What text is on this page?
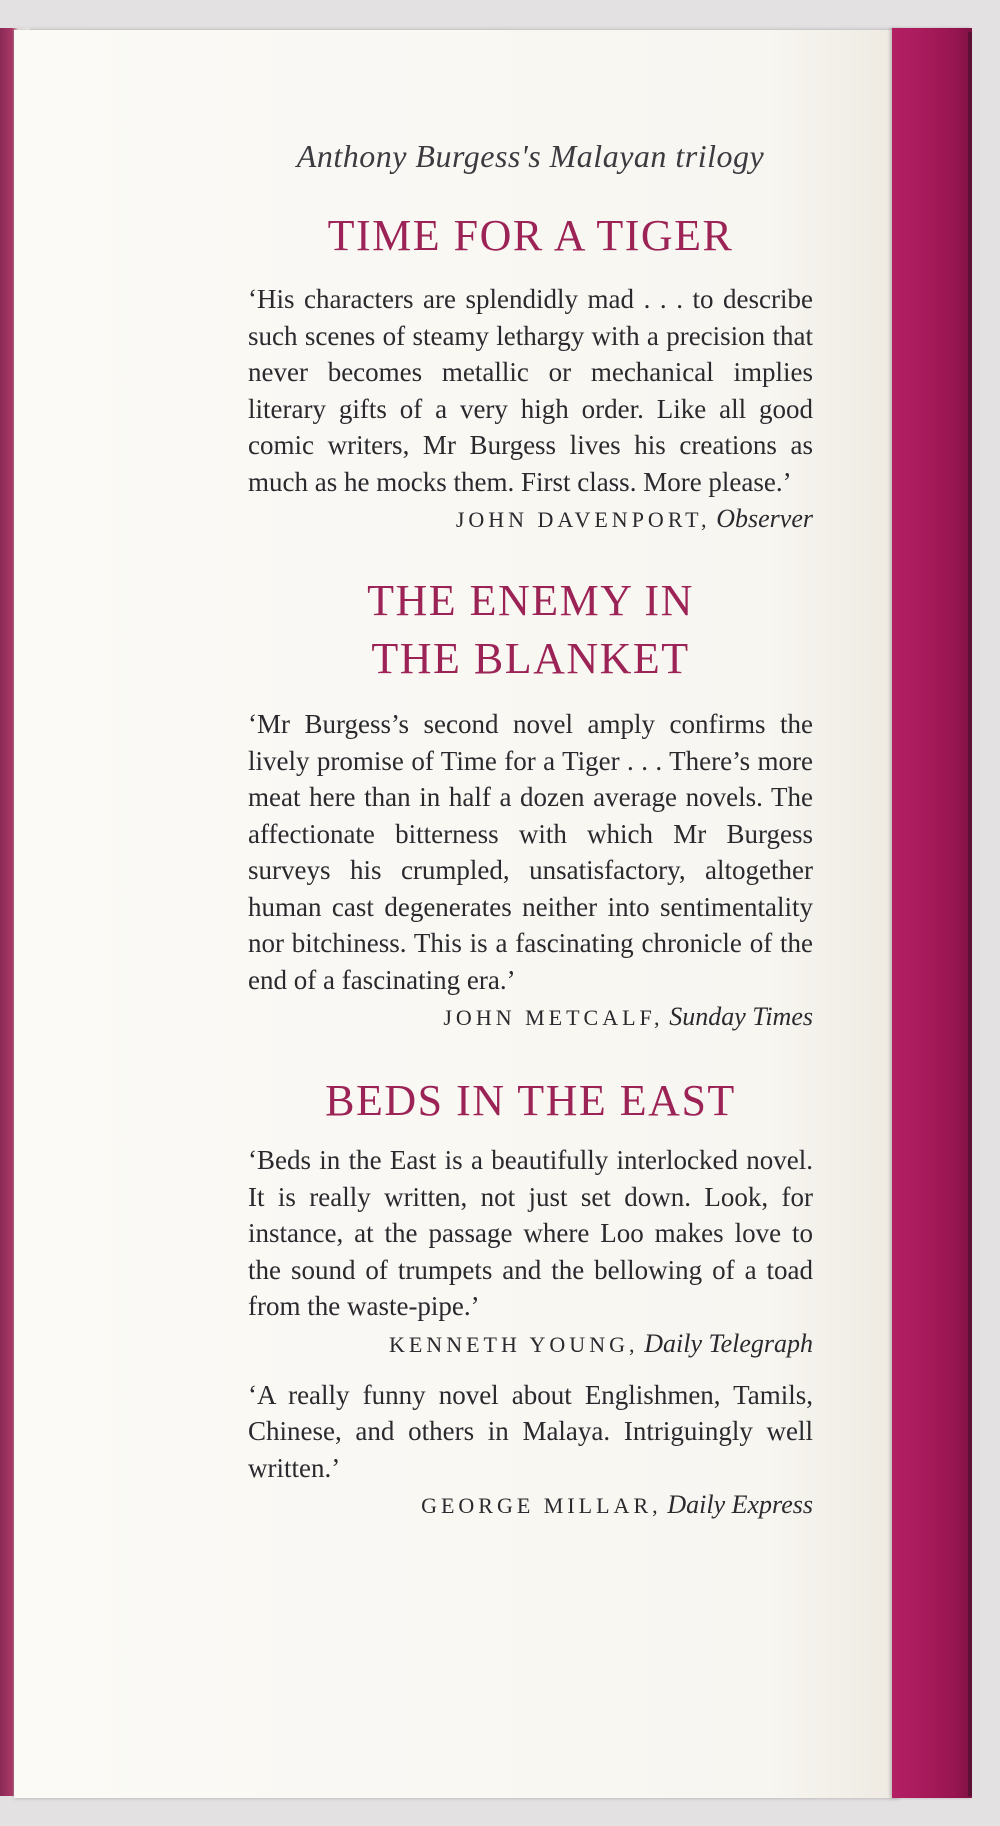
Anthony Burgess's Malayan trilogy
TIME FOR A TIGER

‘His characters are splendidly mad . . . to describe such scenes of steamy lethargy with a precision that never becomes metallic or mechanical implies literary gifts of a very high order. Like all good comic writers, Mr Burgess lives his creations as much as he mocks them. First class. More please.’

JOHN DAVENPORT, Observer
THE ENEMY IN THE BLANKET

‘Mr Burgess’s second novel amply confirms the lively promise of Time for a Tiger . . . There’s more meat here than in half a dozen average novels. The affectionate bitterness with which Mr Burgess surveys his crumpled, unsatisfactory, altogether human cast degenerates neither into sentimentality nor bitchiness. This is a fascinating chronicle of the end of a fascinating era.’

JOHN METCALF, Sunday Times
BEDS IN THE EAST

‘Beds in the East is a beautifully interlocked novel. It is really written, not just set down. Look, for instance, at the passage where Loo makes love to the sound of trumpets and the bellowing of a toad from the waste-pipe.’

KENNETH YOUNG, Daily Telegraph

‘A really funny novel about Englishmen, Tamils, Chinese, and others in Malaya. Intriguingly well written.’

GEORGE MILLAR, Daily Express
